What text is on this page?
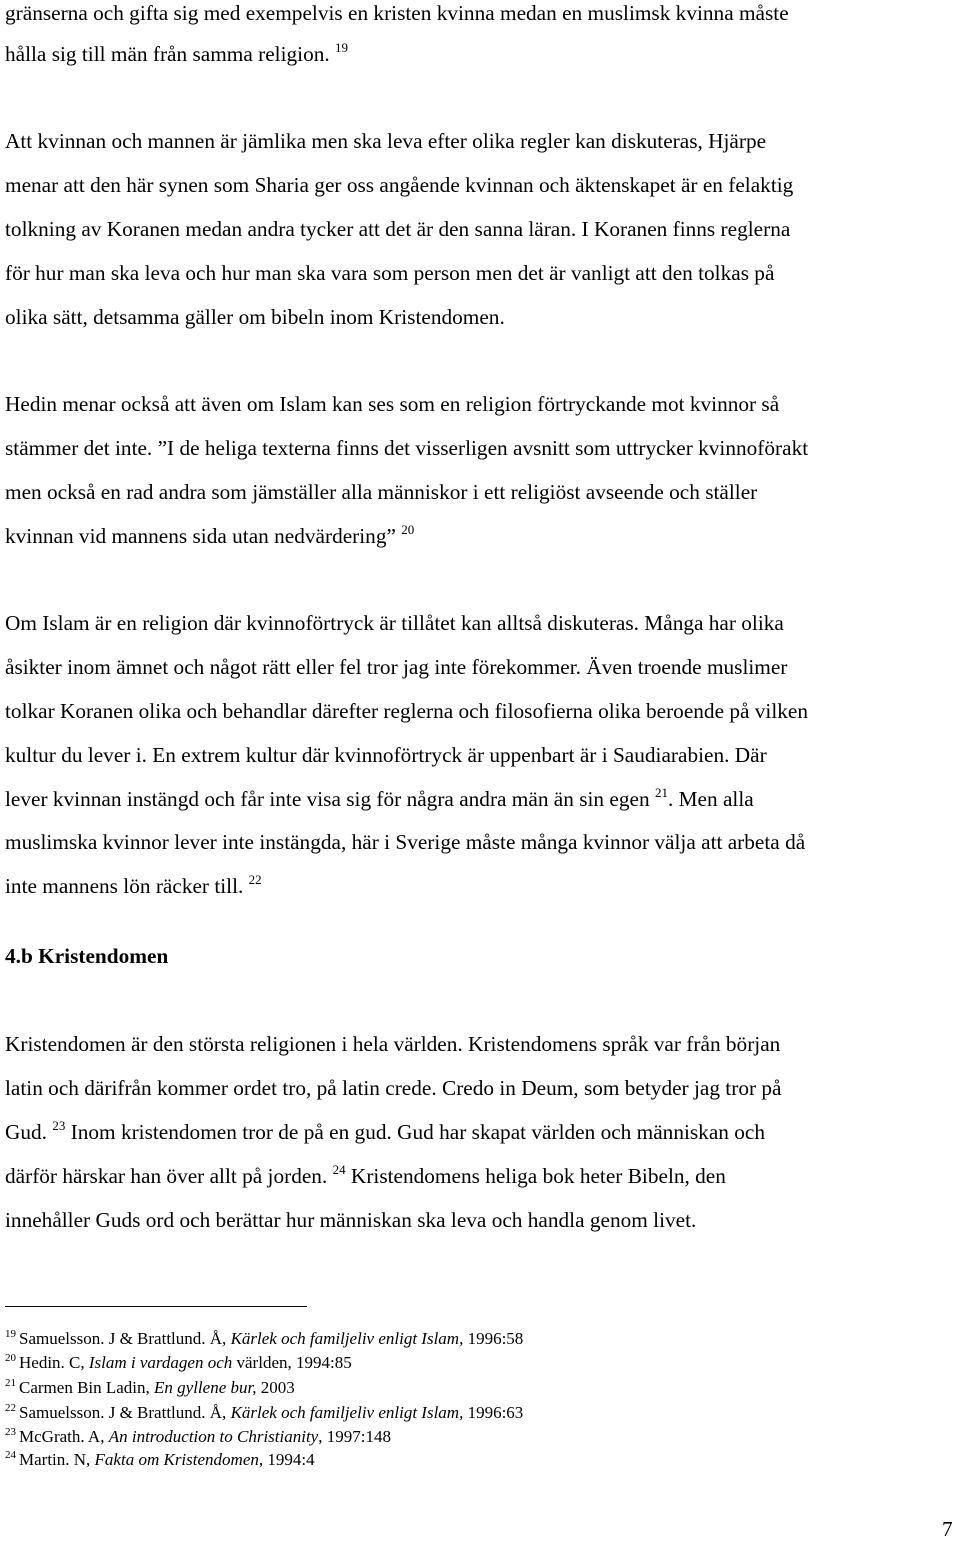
gränserna och gifta sig med exempelvis en kristen kvinna medan en muslimsk kvinna måste
hålla sig till män från samma religion. $^{19}$
Att kvinnan och mannen är jämlika men ska leva efter olika regler kan diskuteras, Hjärpe
menar att den här synen som Sharia ger oss angående kvinnan och äktenskapet är en felaktig
tolkning av Koranen medan andra tycker att det är den sanna läran. I Koranen finns reglerna
för hur man ska leva och hur man ska vara som person men det är vanligt att den tolkas på
olika sätt, detsamma gäller om bibeln inom Kristendomen.
Hedin menar också att även om Islam kan ses som en religion förtryckande mot kvinnor så
stämmer det inte. ”I de heliga texterna finns det visserligen avsnitt som uttrycker kvinnoförakt
men också en rad andra som jämställer alla människor i ett religiöst avseende och ställer
kvinnan vid mannens sida utan nedvärdering” $^{20}$
Om Islam är en religion där kvinnoförtryck är tillåtet kan alltså diskuteras. Många har olika
åsikter inom ämnet och något rätt eller fel tror jag inte förekommer. Även troende muslimer
tolkar Koranen olika och behandlar därefter reglerna och filosofierna olika beroende på vilken
kultur du lever i. En extrem kultur där kvinnoförtryck är uppenbart är i Saudiarabien. Där
lever kvinnan instängd och får inte visa sig för några andra män än sin egen $^{21}$. Men alla
muslimska kvinnor lever inte instängda, här i Sverige måste många kvinnor välja att arbeta då
inte mannens lön räcker till. $^{22}$
4.b Kristendomen
Kristendomen är den största religionen i hela världen. Kristendomens språk var från början
latin och därifrån kommer ordet tro, på latin crede. Credo in Deum, som betyder jag tror på
Gud. $^{23}$ Inom kristendomen tror de på en gud. Gud har skapat världen och människan och
därför härskar han över allt på jorden. $^{24}$ Kristendomens heliga bok heter Bibeln, den
innehåller Guds ord och berättar hur människan ska leva och handla genom livet.
$^{19}$ Samuelsson. J & Brattlund. Å, Kärlek och familjeliv enligt Islam, 1996:58
$^{20}$ Hedin. C, Islam i vardagen och världen, 1994:85
$^{21}$ Carmen Bin Ladin, En gyllene bur, 2003
$^{22}$ Samuelsson. J & Brattlund. Å, Kärlek och familjeliv enligt Islam, 1996:63
$^{23}$ McGrath. A, An introduction to Christianity, 1997:148
$^{24}$ Martin. N, Fakta om Kristendomen, 1994:4
7
